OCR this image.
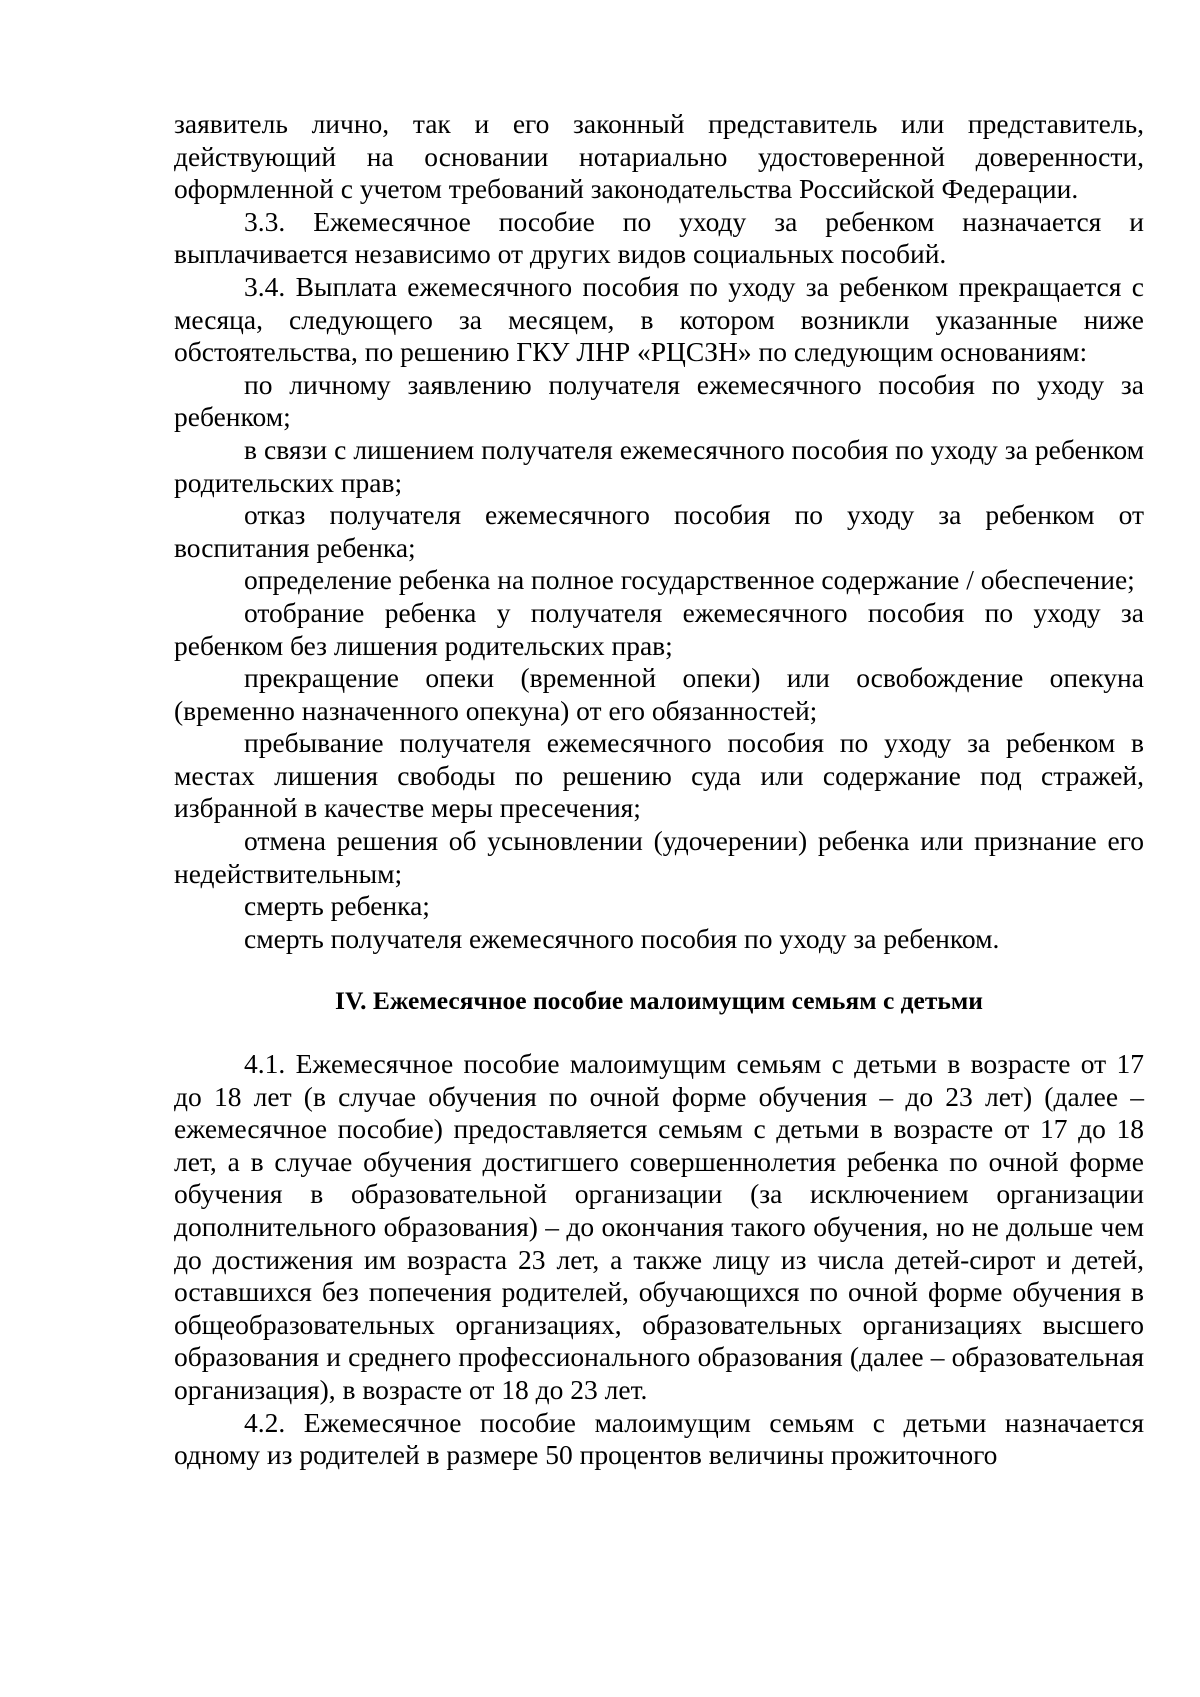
заявитель лично, так и его законный представитель или представитель, действующий на основании нотариально удостоверенной доверенности, оформленной с учетом требований законодательства Российской Федерации.

3.3. Ежемесячное пособие по уходу за ребенком назначается и выплачивается независимо от других видов социальных пособий.

3.4. Выплата ежемесячного пособия по уходу за ребенком прекращается с месяца, следующего за месяцем, в котором возникли указанные ниже обстоятельства, по решению ГКУ ЛНР «РЦСЗН» по следующим основаниям:

по личному заявлению получателя ежемесячного пособия по уходу за ребенком;

в связи с лишением получателя ежемесячного пособия по уходу за ребенком родительских прав;

отказ получателя ежемесячного пособия по уходу за ребенком от воспитания ребенка;

определение ребенка на полное государственное содержание / обеспечение;

отобрание ребенка у получателя ежемесячного пособия по уходу за ребенком без лишения родительских прав;

прекращение опеки (временной опеки) или освобождение опекуна (временно назначенного опекуна) от его обязанностей;

пребывание получателя ежемесячного пособия по уходу за ребенком в местах лишения свободы по решению суда или содержание под стражей, избранной в качестве меры пресечения;

отмена решения об усыновлении (удочерении) ребенка или признание его недействительным;

смерть ребенка;

смерть получателя ежемесячного пособия по уходу за ребенком.

IV. Ежемесячное пособие малоимущим семьям с детьми

4.1. Ежемесячное пособие малоимущим семьям с детьми в возрасте от 17 до 18 лет (в случае обучения по очной форме обучения – до 23 лет) (далее – ежемесячное пособие) предоставляется семьям с детьми в возрасте от 17 до 18 лет, а в случае обучения достигшего совершеннолетия ребенка по очной форме обучения в образовательной организации (за исключением организации дополнительного образования) – до окончания такого обучения, но не дольше чем до достижения им возраста 23 лет, а также лицу из числа детей-сирот и детей, оставшихся без попечения родителей, обучающихся по очной форме обучения в общеобразовательных организациях, образовательных организациях высшего образования и среднего профессионального образования (далее – образовательная организация), в возрасте от 18 до 23 лет.

4.2. Ежемесячное пособие малоимущим семьям с детьми назначается одному из родителей в размере 50 процентов величины прожиточного
